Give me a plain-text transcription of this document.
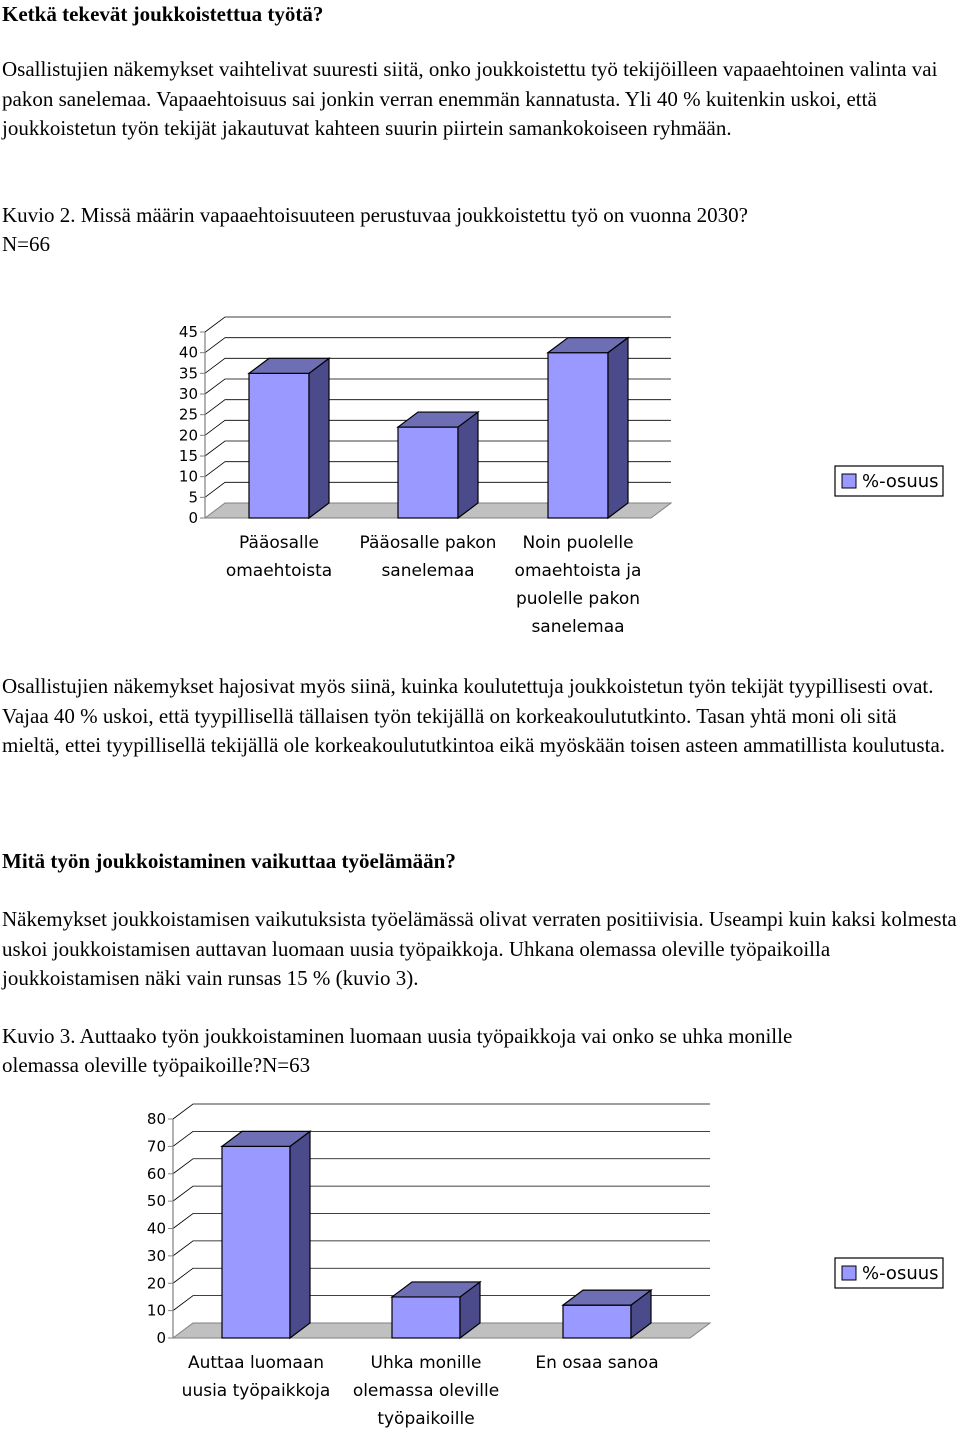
Ketkä tekevät joukkoistettua työtä?

Osallistujien näkemykset vaihtelivat suuresti siitä, onko joukkoistettu työ tekijöilleen vapaaehtoinen valinta vai pakon sanelemaa. Vapaaehtoisuus sai jonkin verran enemmän kannatusta. Yli 40 % kuitenkin uskoi, että joukkoistetun työn tekijät jakautuvat kahteen suurin piirtein samankokoiseen ryhmään.

Kuvio 2. Missä määrin vapaaehtoisuuteen perustuvaa joukkoistettu työ on vuonna 2030?

N=66

0
5
10
15
20
25
30
35
40
45
Pääosalle
omaehtoista
Pääosalle pakon
sanelemaa
Noin puolelle
omaehtoista ja
puolelle pakon
sanelemaa
%-osuus

Osallistujien näkemykset hajosivat myös siinä, kuinka koulutettuja joukkoistetun työn tekijät tyypillisesti ovat. Vajaa 40 % uskoi, että tyypillisellä tällaisen työn tekijällä on korkeakoulututkinto. Tasan yhtä moni oli sitä mieltä, ettei tyypillisellä tekijällä ole korkeakoulututkintoa eikä myöskään toisen asteen ammatillista koulutusta.

Mitä työn joukkoistaminen vaikuttaa työelämään?

Näkemykset joukkoistamisen vaikutuksista työelämässä olivat verraten positiivisia. Useampi kuin kaksi kolmesta uskoi joukkoistamisen auttavan luomaan uusia työpaikkoja. Uhkana olemassa oleville työpaikoilla joukkoistamisen näki vain runsas 15 % (kuvio 3).

Kuvio 3. Auttaako työn joukkoistaminen luomaan uusia työpaikkoja vai onko se uhka monille

olemassa oleville työpaikoille?N=63

0
10
20
30
40
50
60
70
80
Auttaa luomaan
uusia työpaikkoja
Uhka monille
olemassa oleville
työpaikoille
En osaa sanoa
%-osuus
